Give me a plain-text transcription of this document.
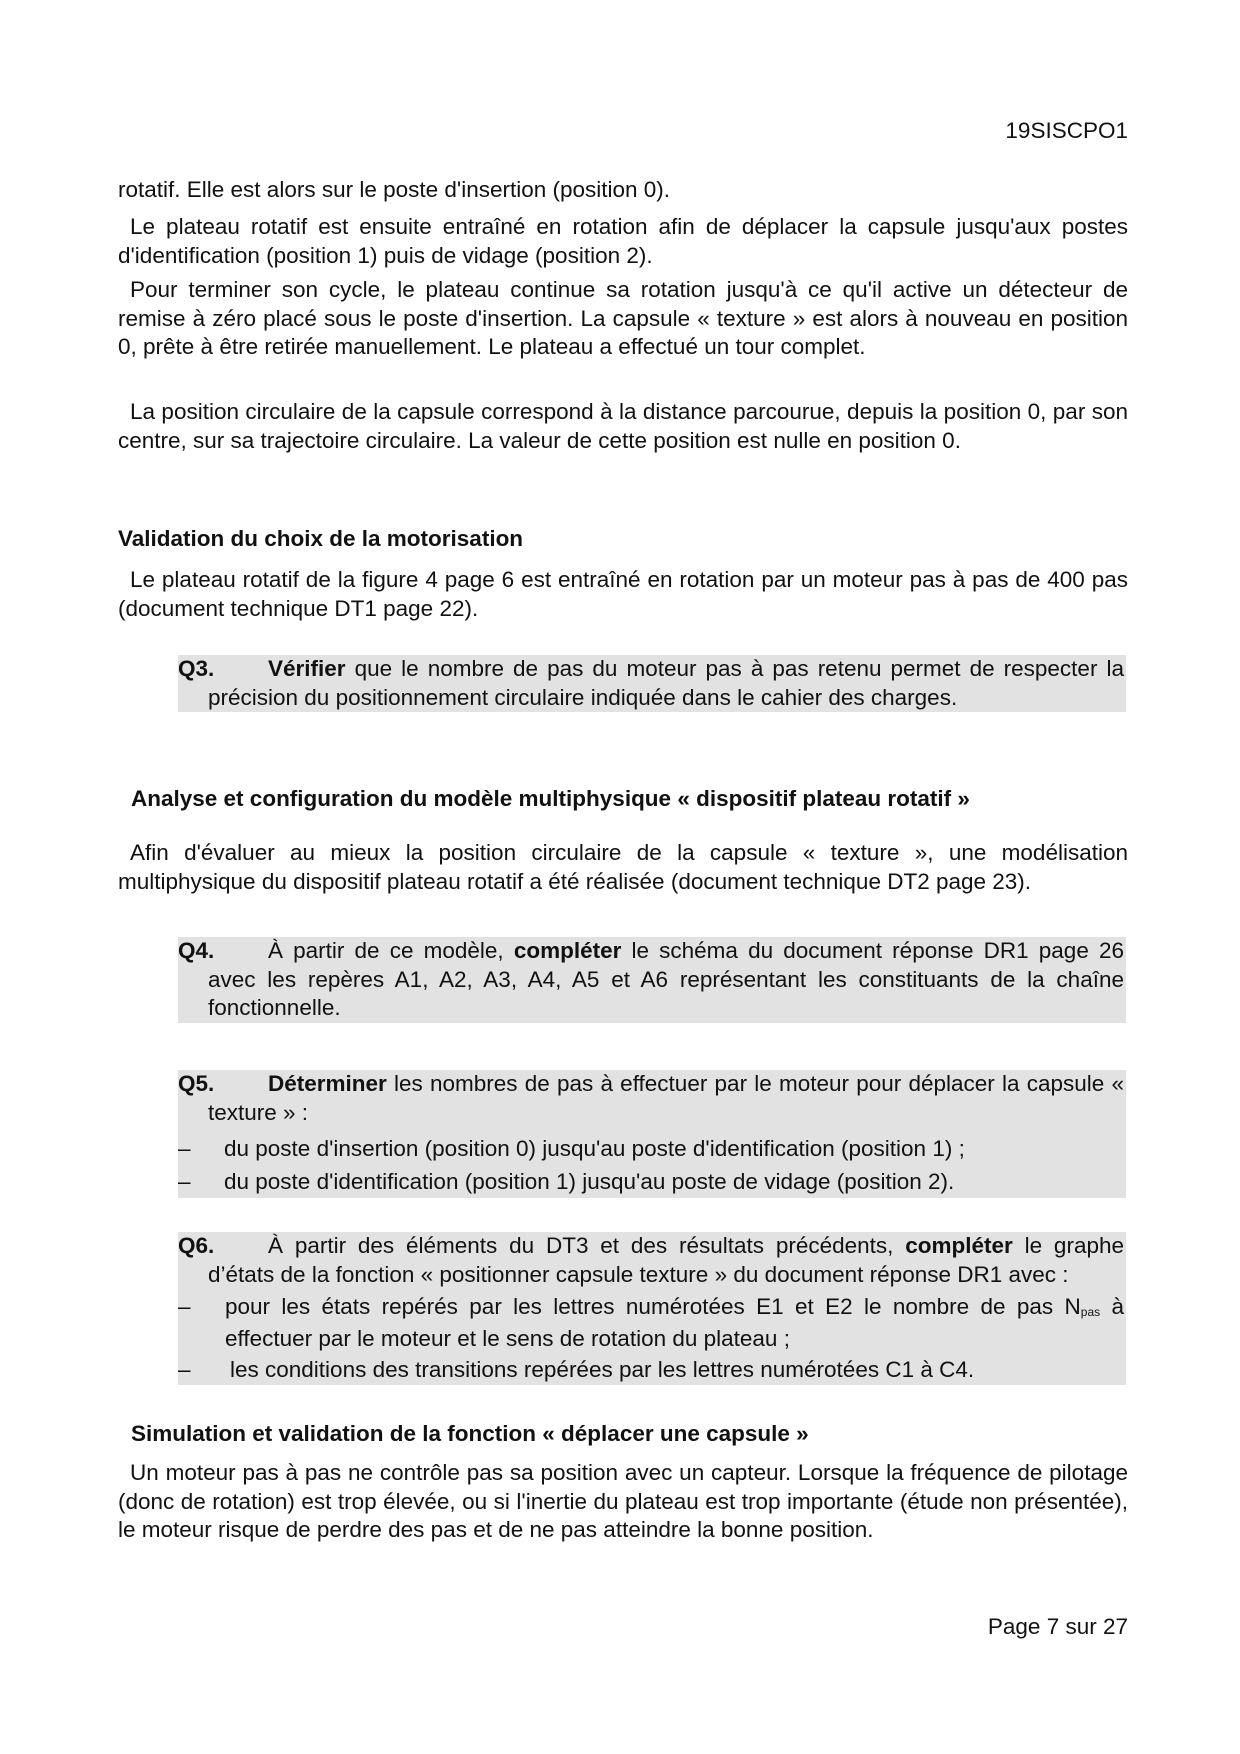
19SISCPO1
rotatif. Elle est alors sur le poste d'insertion (position 0).
Le plateau rotatif est ensuite entraîné en rotation afin de déplacer la capsule jusqu'aux postes d'identification (position 1) puis de vidage (position 2).
Pour terminer son cycle, le plateau continue sa rotation jusqu'à ce qu'il active un détecteur de remise à zéro placé sous le poste d'insertion. La capsule « texture » est alors à nouveau en position 0, prête à être retirée manuellement. Le plateau a effectué un tour complet.
La position circulaire de la capsule correspond à la distance parcourue, depuis la position 0, par son centre, sur sa trajectoire circulaire. La valeur de cette position est nulle en position 0.
Validation du choix de la motorisation
Le plateau rotatif de la figure 4 page 6 est entraîné en rotation par un moteur pas à pas de 400 pas (document technique DT1 page 22).
Q3. Vérifier que le nombre de pas du moteur pas à pas retenu permet de respecter la précision du positionnement circulaire indiquée dans le cahier des charges.
Analyse et configuration du modèle multiphysique « dispositif plateau rotatif »
Afin d'évaluer au mieux la position circulaire de la capsule « texture », une modélisation multiphysique du dispositif plateau rotatif a été réalisée (document technique DT2 page 23).
Q4. À partir de ce modèle, compléter le schéma du document réponse DR1 page 26 avec les repères A1, A2, A3, A4, A5 et A6 représentant les constituants de la chaîne fonctionnelle.
Q5. Déterminer les nombres de pas à effectuer par le moteur pour déplacer la capsule « texture » :
– du poste d'insertion (position 0) jusqu'au poste d'identification (position 1) ;
– du poste d'identification (position 1) jusqu'au poste de vidage (position 2).
Q6. À partir des éléments du DT3 et des résultats précédents, compléter le graphe d’états de la fonction « positionner capsule texture » du document réponse DR1 avec :
– pour les états repérés par les lettres numérotées E1 et E2 le nombre de pas $N_{pas}$ à effectuer par le moteur et le sens de rotation du plateau ;
– les conditions des transitions repérées par les lettres numérotées C1 à C4.
Simulation et validation de la fonction « déplacer une capsule »
Un moteur pas à pas ne contrôle pas sa position avec un capteur. Lorsque la fréquence de pilotage (donc de rotation) est trop élevée, ou si l'inertie du plateau est trop importante (étude non présentée), le moteur risque de perdre des pas et de ne pas atteindre la bonne position.
Page 7 sur 27
